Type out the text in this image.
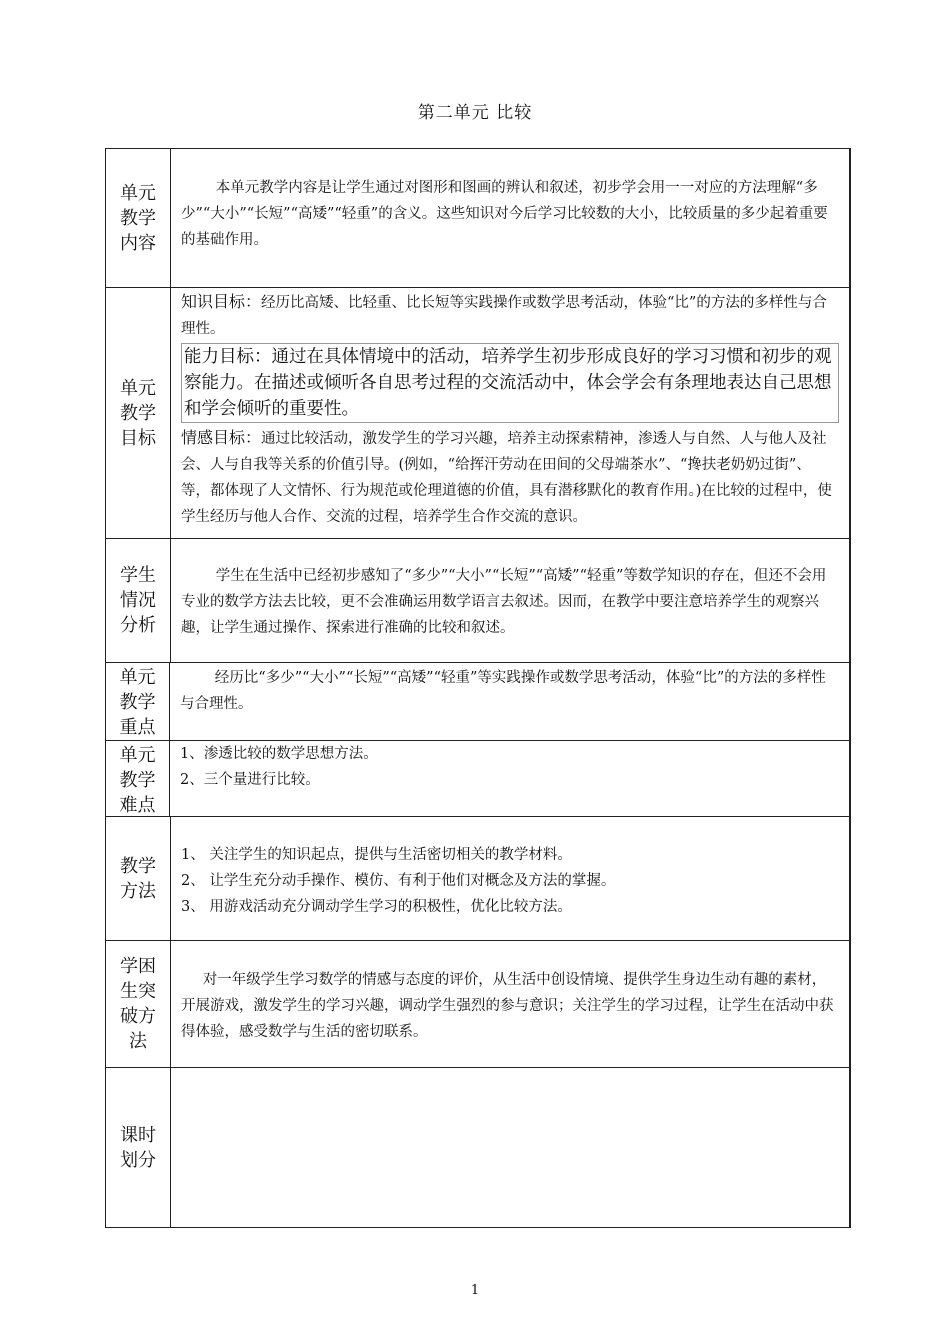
第二单元 比较
单元
教学
内容

本单元教学内容是让学生通过对图形和图画的辨认和叙述，初步学会用一一对应的方法理解“多少”“大小”“长短”“高矮”“轻重”的含义。这些知识对今后学习比较数的大小，比较质量的多少起着重要的基础作用。

单元
教学
目标

知识目标：经历比高矮、比轻重、比长短等实践操作或数学思考活动，体验“比”的方法的多样性与合理性。

能力目标：通过在具体情境中的活动，培养学生初步形成良好的学习习惯和初步的观察能力。在描述或倾听各自思考过程的交流活动中，体会学会有条理地表达自己思想和学会倾听的重要性。

情感目标：通过比较活动，激发学生的学习兴趣，培养主动探索精神，渗透人与自然、人与他人及社会、人与自我等关系的价值引导。(例如，“给挥汗劳动在田间的父母端茶水”、“搀扶老奶奶过街”、等，都体现了人文情怀、行为规范或伦理道德的价值，具有潜移默化的教育作用。)在比较的过程中，使学生经历与他人合作、交流的过程，培养学生合作交流的意识。

学生
情况
分析

学生在生活中已经初步感知了“多少”“大小”“长短”“高矮”“轻重”等数学知识的存在，但还不会用专业的数学方法去比较，更不会准确运用数学语言去叙述。因而，在教学中要注意培养学生的观察兴趣，让学生通过操作、探索进行准确的比较和叙述。

单元
教学
重点

经历比“多少”“大小”“长短”“高矮”“轻重”等实践操作或数学思考活动，体验“比”的方法的多样性与合理性。

单元
教学
难点

1、渗透比较的数学思想方法。

2、三个量进行比较。

教学
方法

1、 关注学生的知识起点，提供与生活密切相关的教学材料。

2、 让学生充分动手操作、模仿、有利于他们对概念及方法的掌握。

3、 用游戏活动充分调动学生学习的积极性，优化比较方法。

学困
生突
破方
法

对一年级学生学习数学的情感与态度的评价，从生活中创设情境、提供学生身边生动有趣的素材，开展游戏，激发学生的学习兴趣，调动学生强烈的参与意识；关注学生的学习过程，让学生在活动中获得体验，感受数学与生活的密切联系。

课时
划分
1
